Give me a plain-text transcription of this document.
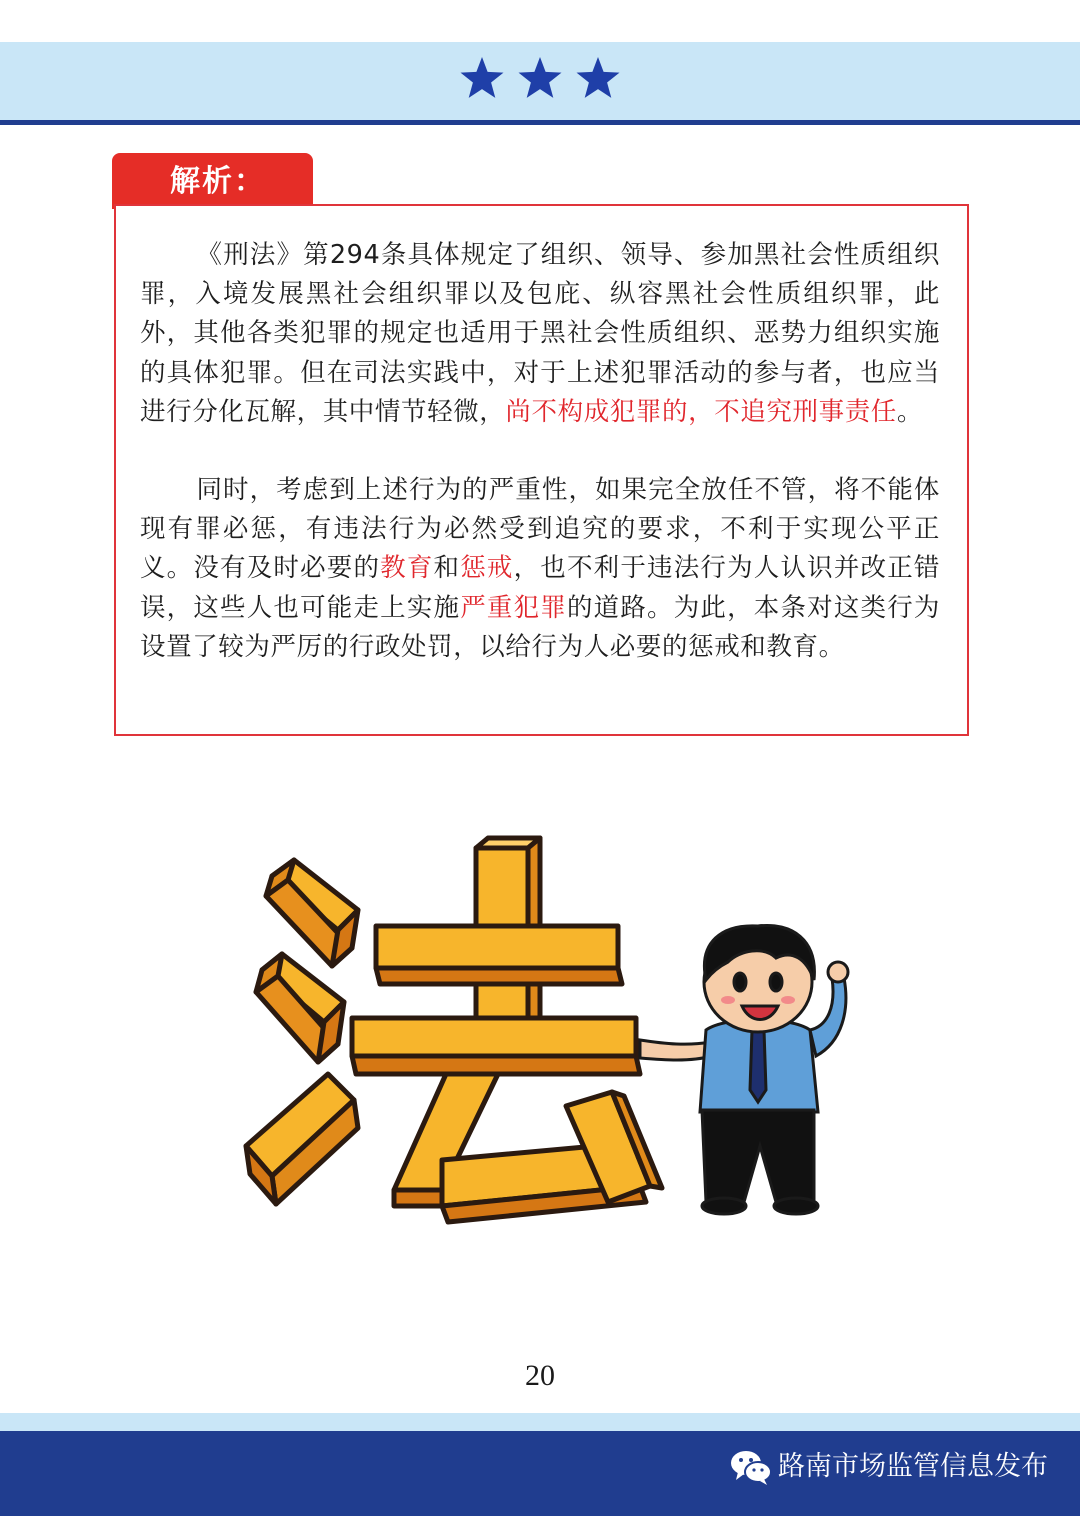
解析：

《刑法》第294条具体规定了组织、领导、参加黑社会性质组织罪，入境发展黑社会组织罪以及包庇、纵容黑社会性质组织罪，此外，其他各类犯罪的规定也适用于黑社会性质组织、恶势力组织实施的具体犯罪。但在司法实践中，对于上述犯罪活动的参与者，也应当进行分化瓦解，其中情节轻微，尚不构成犯罪的，不追究刑事责任。

同时，考虑到上述行为的严重性，如果完全放任不管，将不能体现有罪必惩，有违法行为必然受到追究的要求，不利于实现公平正义。没有及时必要的教育和惩戒，也不利于违法行为人认识并改正错误，这些人也可能走上实施严重犯罪的道路。为此，本条对这类行为设置了较为严厉的行政处罚，以给行为人必要的惩戒和教育。

20
路南市场监管信息发布
